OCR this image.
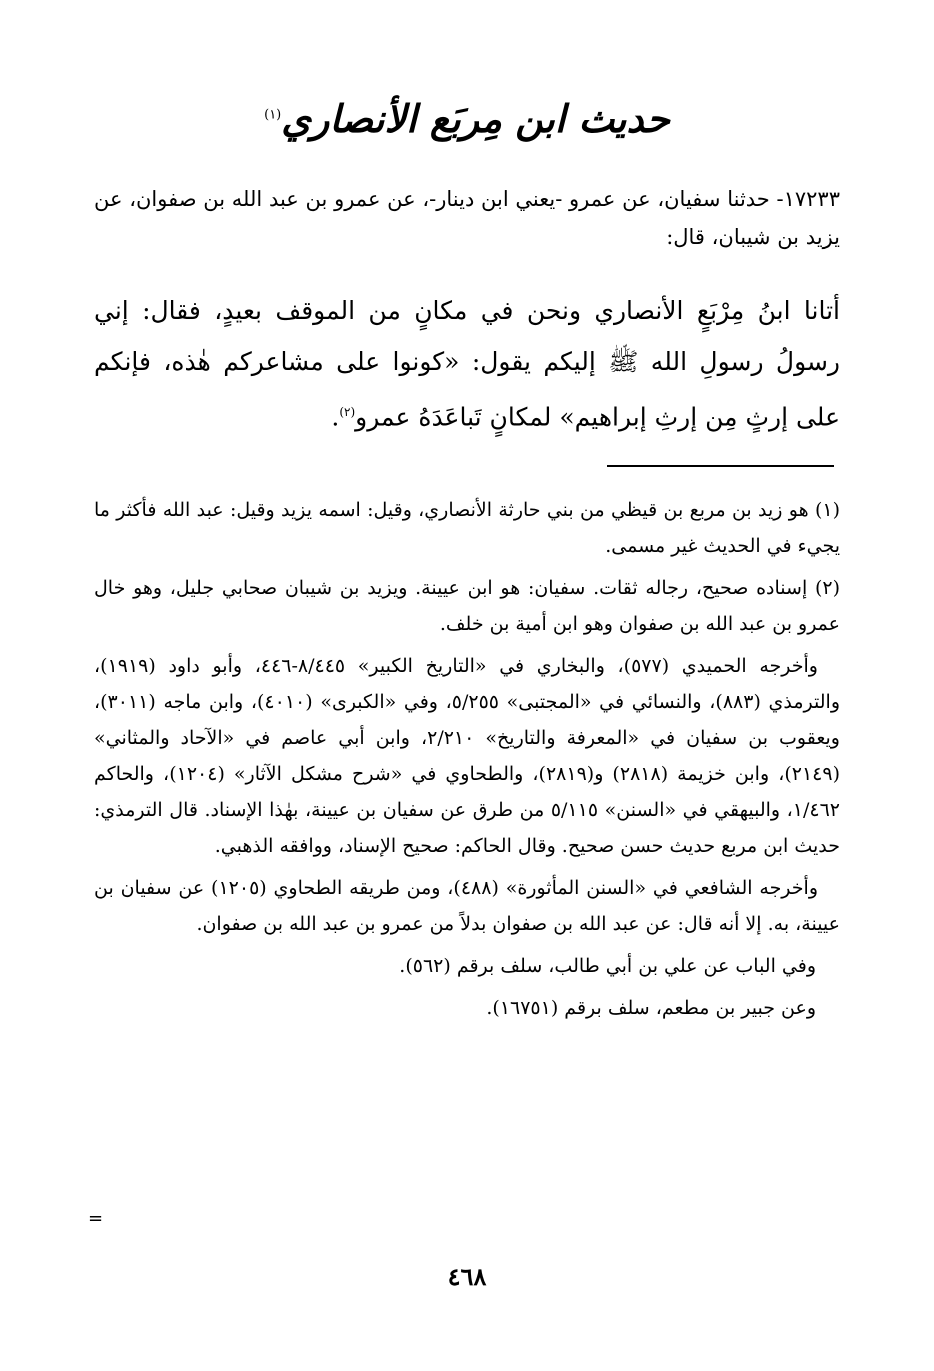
حديث ابن مِربَع الأنصاري$^{(١)}$
١٧٢٣٣- حدثنا سفيان، عن عمرو -يعني ابن دينار-، عن عمرو بن عبد الله بن صفوان، عن يزيد بن شيبان، قال:
أتانا ابنُ مِرْبَعٍ الأنصاري ونحن في مكانٍ من الموقف بعيدٍ، فقال: إني رسولُ رسولِ الله ﷺ إليكم يقول: «كونوا على مشاعركم هٰذه، فإنكم على إرثٍ مِن إرثِ إبراهيم» لمكانٍ تَباعَدَهُ عمرو$^{(٢)}$.

(١) هو زيد بن مربع بن قيظي من بني حارثة الأنصاري، وقيل: اسمه يزيد وقيل: عبد الله فأكثر ما يجيء في الحديث غير مسمى.

(٢) إسناده صحيح، رجاله ثقات. سفيان: هو ابن عيينة. ويزيد بن شيبان صحابي جليل، وهو خال عمرو بن عبد الله بن صفوان وهو ابن أمية بن خلف.

وأخرجه الحميدي (٥٧٧)، والبخاري في «التاريخ الكبير» ٨/٤٤٥-٤٤٦، وأبو داود (١٩١٩)، والترمذي (٨٨٣)، والنسائي في «المجتبى» ٥/٢٥٥، وفي «الكبرى» (٤٠١٠)، وابن ماجه (٣٠١١)، ويعقوب بن سفيان في «المعرفة والتاريخ» ٢/٢١٠، وابن أبي عاصم في «الآحاد والمثاني» (٢١٤٩)، وابن خزيمة (٢٨١٨) و(٢٨١٩)، والطحاوي في «شرح مشكل الآثار» (١٢٠٤)، والحاكم ١/٤٦٢، والبيهقي في «السنن» ٥/١١٥ من طرق عن سفيان بن عيينة، بهٰذا الإسناد. قال الترمذي: حديث ابن مربع حديث حسن صحيح. وقال الحاكم: صحيح الإسناد، ووافقه الذهبي.

وأخرجه الشافعي في «السنن المأثورة» (٤٨٨)، ومن طريقه الطحاوي (١٢٠٥) عن سفيان بن عيينة، به. إلا أنه قال: عن عبد الله بن صفوان بدلاً من عمرو بن عبد الله بن صفوان.

وفي الباب عن علي بن أبي طالب، سلف برقم (٥٦٢).

وعن جبير بن مطعم، سلف برقم (١٦٧٥١).

=
٤٦٨
